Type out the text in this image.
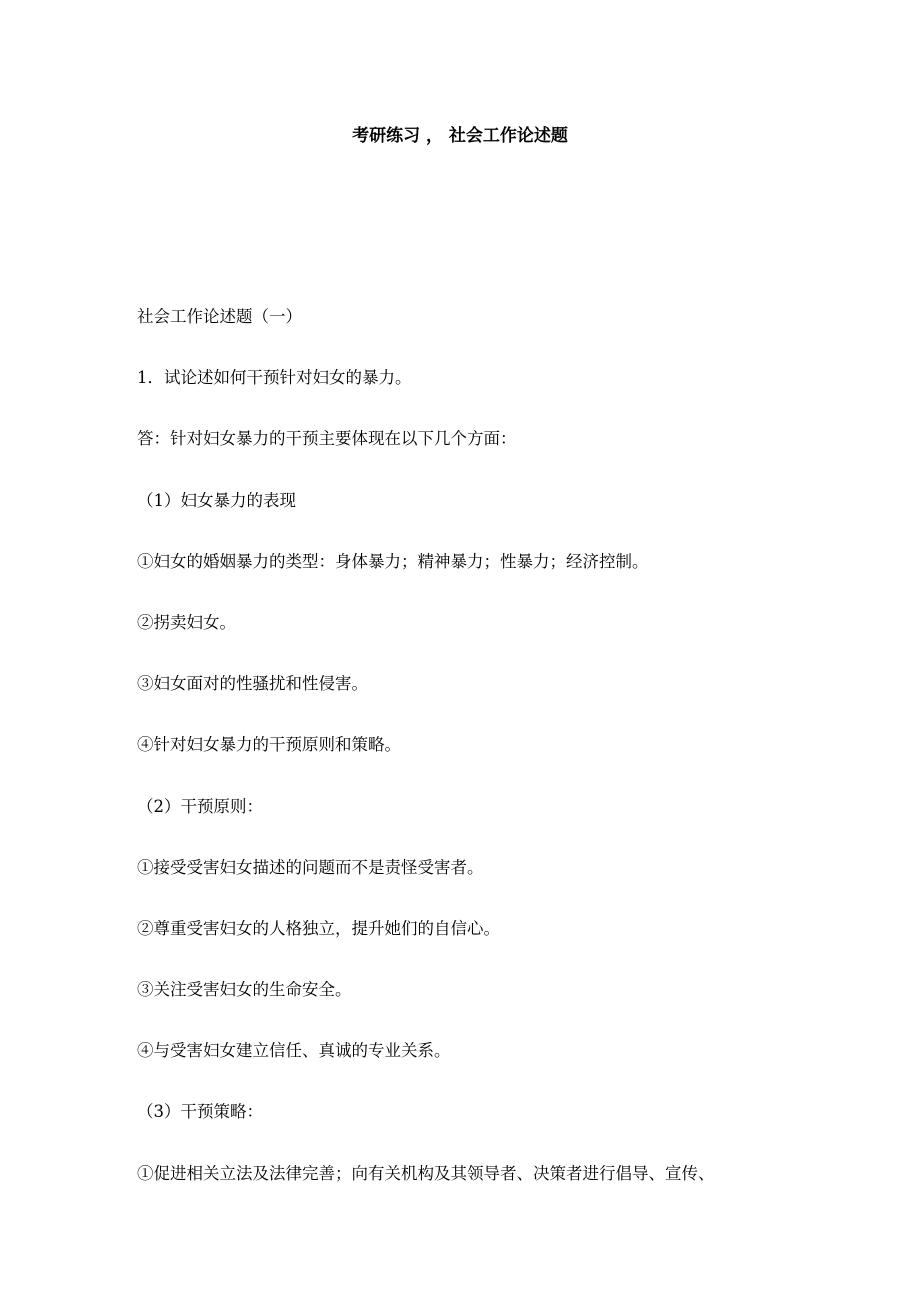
考研练习 ， 社会工作论述题

社会工作论述题（一）

1．试论述如何干预针对妇女的暴力。

答：针对妇女暴力的干预主要体现在以下几个方面：

（1）妇女暴力的表现

①妇女的婚姻暴力的类型：身体暴力；精神暴力；性暴力；经济控制。

②拐卖妇女。

③妇女面对的性骚扰和性侵害。

④针对妇女暴力的干预原则和策略。

（2）干预原则：

①接受受害妇女描述的问题而不是责怪受害者。

②尊重受害妇女的人格独立，提升她们的自信心。

③关注受害妇女的生命安全。

④与受害妇女建立信任、真诚的专业关系。

（3）干预策略：

①促进相关立法及法律完善；向有关机构及其领导者、决策者进行倡导、宣传、
